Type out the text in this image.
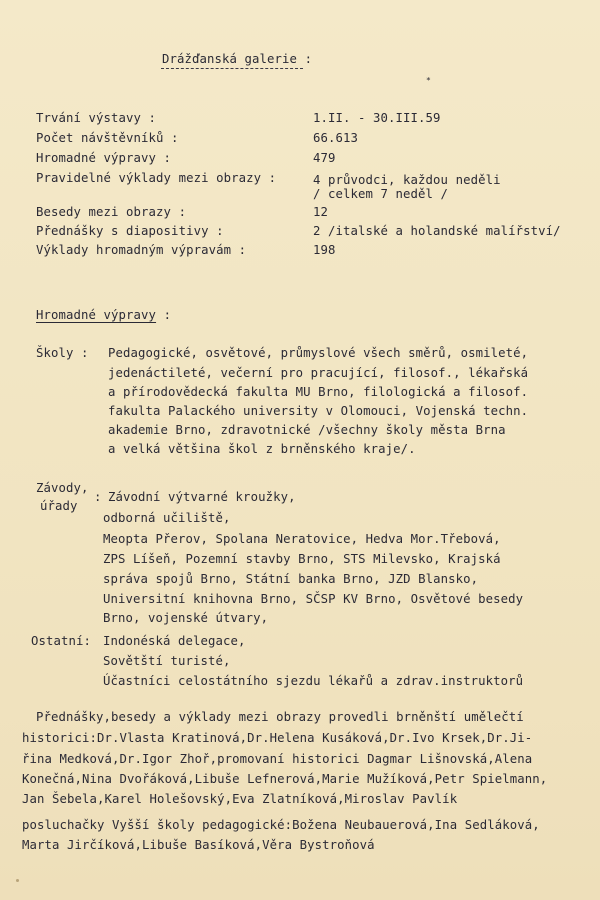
Drážďanská galerie :
*
Trvání výstavy :	1.II. - 30.III.59
Počet návštěvníků :	66.613
Hromadné výpravy :	479
Pravidelné výklady mezi obrazy :	4 průvodci, každou neděli
/ celkem 7 neděl /
Besedy mezi obrazy :	12
Přednášky s diapositivy :	2 /italské a holandské malířství/
Výklady hromadným výpravám :	198
Hromadné výpravy :
Školy : Pedagogické, osvětové, průmyslové všech směrů, osmileté,
jedenáctileté, večerní pro pracující, filosof., lékařská
a přírodovědecká fakulta MU Brno, filologická a filosof.
fakulta Palackého university v Olomouci, Vojenská techn.
akademie Brno, zdravotnické /všechny školy města Brna
a velká většina škol z brněnského kraje/.
Závody,
úřady
: Závodní výtvarné kroužky,
odborná učiliště,
Meopta Přerov, Spolana Neratovice, Hedva Mor.Třebová,
ZPS Líšeň, Pozemní stavby Brno, STS Milevsko, Krajská
správa spojů Brno, Státní banka Brno, JZD Blansko,
Universitní knihovna Brno, SČSP KV Brno, Osvětové besedy
Brno, vojenské útvary,
Ostatní: Indonéská delegace,
Sovětští turisté,
Účastníci celostátního sjezdu lékařů a zdrav.instruktorů
Přednášky,besedy a výklady mezi obrazy provedli brněnští umělečtí
historici:Dr.Vlasta Kratinová,Dr.Helena Kusáková,Dr.Ivo Krsek,Dr.Ji-
řina Medková,Dr.Igor Zhoř,promovaní historici Dagmar Lišnovská,Alena
Konečná,Nina Dvořáková,Libuše Lefnerová,Marie Mužíková,Petr Spielmann,
Jan Šebela,Karel Holešovský,Eva Zlatníková,Miroslav Pavlík
posluchačky Vyšší školy pedagogické:Božena Neubauerová,Ina Sedláková,
Marta Jirčíková,Libuše Basíková,Věra Bystroňová
